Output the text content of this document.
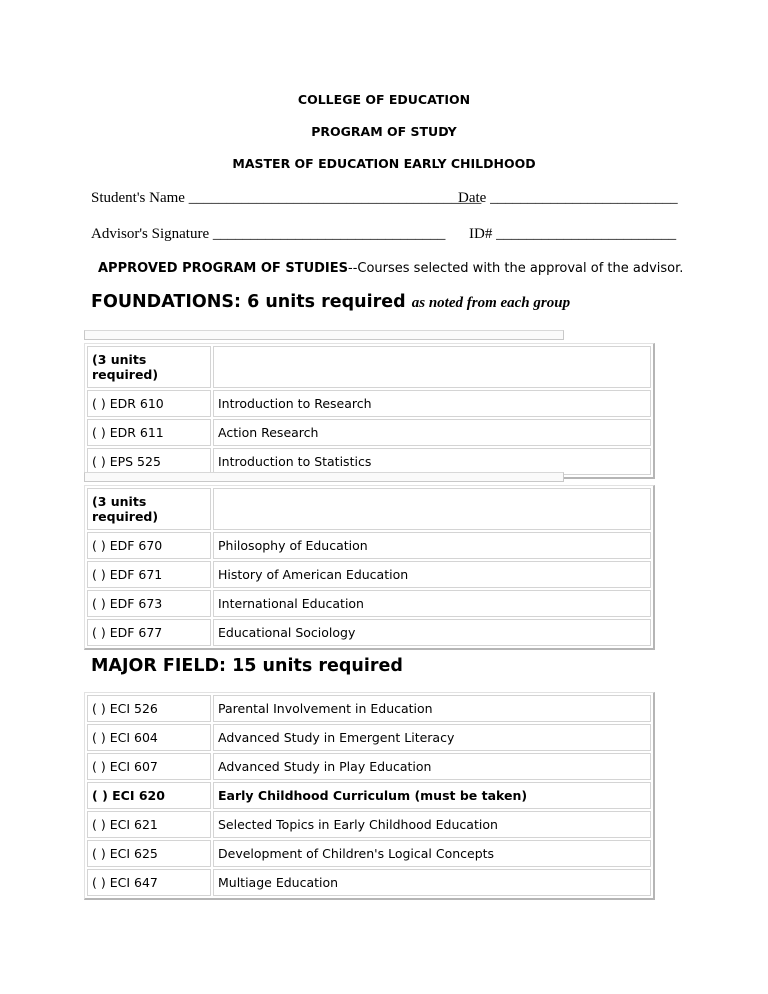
COLLEGE OF EDUCATION
PROGRAM OF STUDY
MASTER OF EDUCATION EARLY CHILDHOOD
Student's Name _______________________________________
Date _________________________
Advisor's Signature _______________________________ ID# ________________________
APPROVED PROGRAM OF STUDIES--Courses selected with the approval of the advisor.
FOUNDATIONS: 6 units required as noted from each group
(3 units required)	
( ) EDR 610	Introduction to Research
( ) EDR 611	Action Research
( ) EPS 525	Introduction to Statistics
(3 units required)	
( ) EDF 670	Philosophy of Education
( ) EDF 671	History of American Education
( ) EDF 673	International Education
( ) EDF 677	Educational Sociology
MAJOR FIELD: 15 units required
( ) ECI 526	Parental Involvement in Education
( ) ECI 604	Advanced Study in Emergent Literacy
( ) ECI 607	Advanced Study in Play Education
( ) ECI 620	Early Childhood Curriculum (must be taken)
( ) ECI 621	Selected Topics in Early Childhood Education
( ) ECI 625	Development of Children's Logical Concepts
( ) ECI 647	Multiage Education
